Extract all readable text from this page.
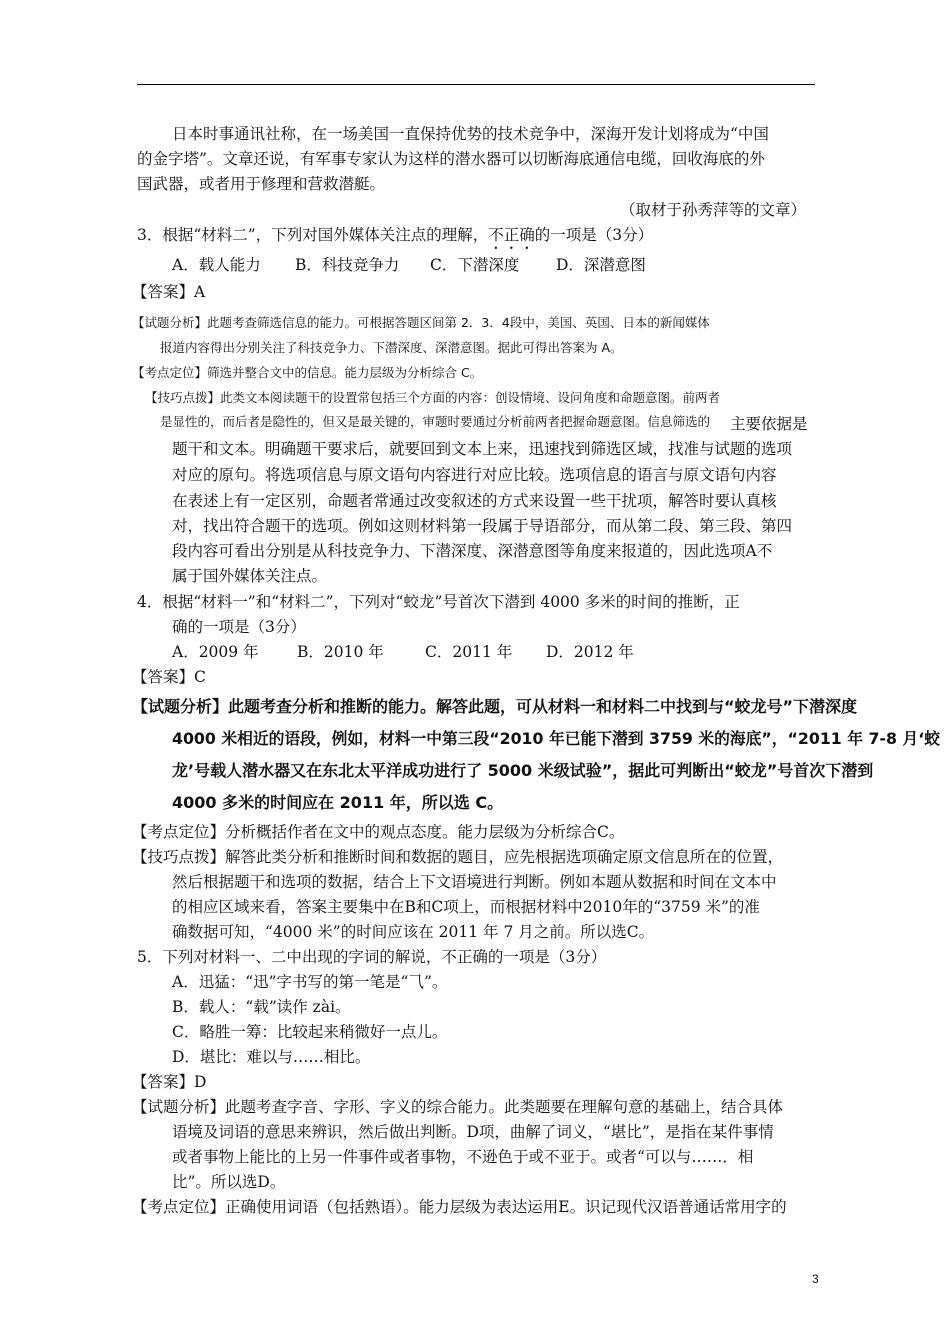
日本时事通讯社称，在一场美国一直保持优势的技术竞争中，深海开发计划将成为“中国
的金字塔”。文章还说，有军事专家认为这样的潜水器可以切断海底通信电缆，回收海底的外
国武器，或者用于修理和营救潜艇。
（取材于孙秀萍等的文章）
3．根据“材料二”，下列对国外媒体关注点的理解，不正确的一项是（3分）
A．载人能力 B．科技竞争力 C．下潜深度 D．深潜意图
【答案】A
【试题分析】此题考查筛选信息的能力。可根据答题区间第 2．3．4段中，美国、英国、日本的新闻媒体
报道内容得出分别关注了科技竞争力、下潜深度、深潜意图。据此可得出答案为 A。
【考点定位】筛选并整合文中的信息。能力层级为分析综合 C。
【技巧点拨】此类文本阅读题干的设置常包括三个方面的内容：创设情境、设问角度和命题意图。前两者
是显性的，而后者是隐性的，但又是最关键的，审题时要通过分析前两者把握命题意图。信息筛选的 主要依据是
题干和文本。明确题干要求后，就要回到文本上来，迅速找到筛选区域，找准与试题的选项
对应的原句。将选项信息与原文语句内容进行对应比较。选项信息的语言与原文语句内容
在表述上有一定区别，命题者常通过改变叙述的方式来设置一些干扰项，解答时要认真核
对，找出符合题干的选项。例如这则材料第一段属于导语部分，而从第二段、第三段、第四
段内容可看出分别是从科技竞争力、下潜深度、深潜意图等角度来报道的，因此选项A不
属于国外媒体关注点。
4．根据“材料一”和“材料二”，下列对“蛟龙”号首次下潜到 4000 多米的时间的推断，正
确的一项是（3分）
A．2009 年 B．2010 年	C．2011 年 D．2012 年
【答案】C
【试题分析】此题考查分析和推断的能力。解答此题，可从材料一和材料二中找到与“蛟龙号”下潜深度
4000 米相近的语段，例如，材料一中第三段“2010 年已能下潜到 3759 米的海底”，“2011 年 7-8 月‘蛟
龙’号载人潜水器又在东北太平洋成功进行了 5000 米级试验”，据此可判断出“蛟龙”号首次下潜到
4000 多米的时间应在 2011 年，所以选 C。
【考点定位】分析概括作者在文中的观点态度。能力层级为分析综合C。
【技巧点拨】解答此类分析和推断时间和数据的题目，应先根据选项确定原文信息所在的位置，
然后根据题干和选项的数据，结合上下文语境进行判断。例如本题从数据和时间在文本中
的相应区域来看，答案主要集中在B和C项上，而根据材料中2010年的“3759 米”的准
确数据可知，“4000 米”的时间应该在 2011 年 7 月之前。所以选C。
5．下列对材料一、二中出现的字词的解说，不正确的一项是（3分）
A．迅猛：“迅”字书写的第一笔是“⺄”。
B．载人：“载”读作 zài。
C．略胜一筹：比较起来稍微好一点儿。
D．堪比：难以与……相比。
【答案】D
【试题分析】此题考查字音、字形、字义的综合能力。此类题要在理解句意的基础上，结合具体
语境及词语的意思来辨识，然后做出判断。D项，曲解了词义，“堪比”，是指在某件事情
或者事物上能比的上另一件事件或者事物，不逊色于或不亚于。或者“可以与……．相
比”。所以选D。
【考点定位】正确使用词语（包括熟语）。能力层级为表达运用E。识记现代汉语普通话常用字的
3
